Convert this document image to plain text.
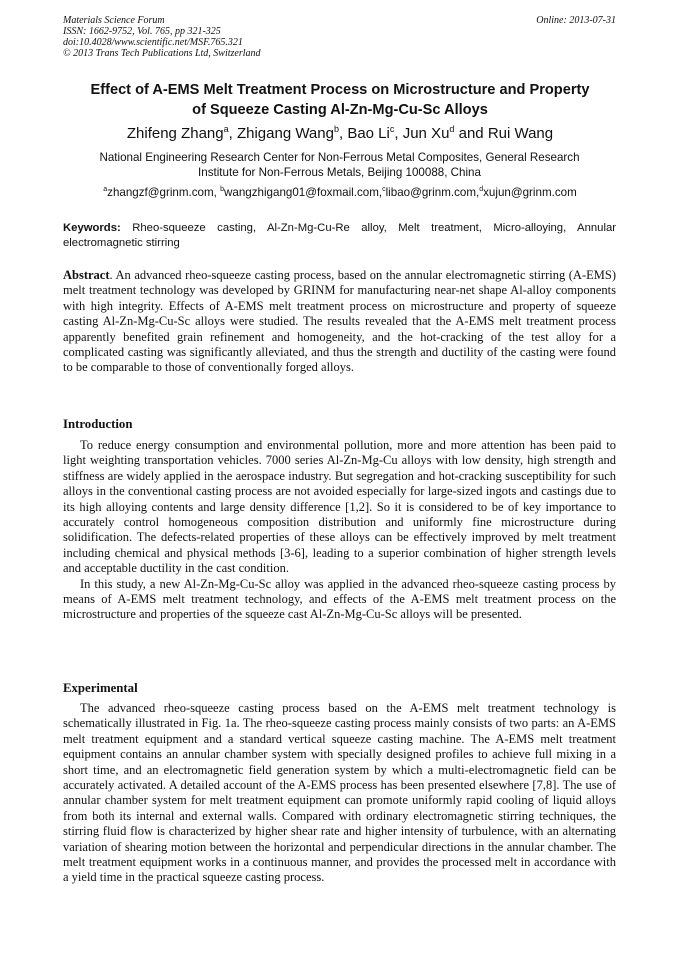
Materials Science Forum
ISSN: 1662-9752, Vol. 765, pp 321-325
doi:10.4028/www.scientific.net/MSF.765.321
© 2013 Trans Tech Publications Ltd, Switzerland
Online: 2013-07-31
Effect of A-EMS Melt Treatment Process on Microstructure and Property
of Squeeze Casting Al-Zn-Mg-Cu-Sc Alloys
Zhifeng Zhang$^a$, Zhigang Wang$^b$, Bao Li$^c$, Jun Xu$^d$ and Rui Wang
National Engineering Research Center for Non-Ferrous Metal Composites, General Research
Institute for Non-Ferrous Metals, Beijing 100088, China
$^a$zhangzf@grinm.com, $^b$wangzhigang01@foxmail.com,$^c$libao@grinm.com,$^d$xujun@grinm.com
Keywords: Rheo-squeeze casting, Al-Zn-Mg-Cu-Re alloy, Melt treatment, Micro-alloying, Annular electromagnetic stirring

Abstract. An advanced rheo-squeeze casting process, based on the annular electromagnetic stirring (A-EMS) melt treatment technology was developed by GRINM for manufacturing near-net shape Al-alloy components with high integrity. Effects of A-EMS melt treatment process on microstructure and property of squeeze casting Al-Zn-Mg-Cu-Sc alloys were studied. The results revealed that the A-EMS melt treatment process apparently benefited grain refinement and homogeneity, and the hot-cracking of the test alloy for a complicated casting was significantly alleviated, and thus the strength and ductility of the casting were found to be comparable to those of conventionally forged alloys.

Introduction

To reduce energy consumption and environmental pollution, more and more attention has been paid to light weighting transportation vehicles. 7000 series Al-Zn-Mg-Cu alloys with low density, high strength and stiffness are widely applied in the aerospace industry. But segregation and hot-cracking susceptibility for such alloys in the conventional casting process are not avoided especially for large-sized ingots and castings due to its high alloying contents and large density difference [1,2]. So it is considered to be of key importance to accurately control homogeneous composition distribution and uniformly fine microstructure during solidification. The defects-related properties of these alloys can be effectively improved by melt treatment including chemical and physical methods [3-6], leading to a superior combination of higher strength levels and acceptable ductility in the cast condition.

In this study, a new Al-Zn-Mg-Cu-Sc alloy was applied in the advanced rheo-squeeze casting process by means of A-EMS melt treatment technology, and effects of the A-EMS melt treatment process on the microstructure and properties of the squeeze cast Al-Zn-Mg-Cu-Sc alloys will be presented.

Experimental

The advanced rheo-squeeze casting process based on the A-EMS melt treatment technology is schematically illustrated in Fig. 1a. The rheo-squeeze casting process mainly consists of two parts: an A-EMS melt treatment equipment and a standard vertical squeeze casting machine. The A-EMS melt treatment equipment contains an annular chamber system with specially designed profiles to achieve full mixing in a short time, and an electromagnetic field generation system by which a multi-electromagnetic field can be accurately activated. A detailed account of the A-EMS process has been presented elsewhere [7,8]. The use of annular chamber system for melt treatment equipment can promote uniformly rapid cooling of liquid alloys from both its internal and external walls. Compared with ordinary electromagnetic stirring techniques, the stirring fluid flow is characterized by higher shear rate and higher intensity of turbulence, with an alternating variation of shearing motion between the horizontal and perpendicular directions in the annular chamber. The melt treatment equipment works in a continuous manner, and provides the processed melt in accordance with a yield time in the practical squeeze casting process.
